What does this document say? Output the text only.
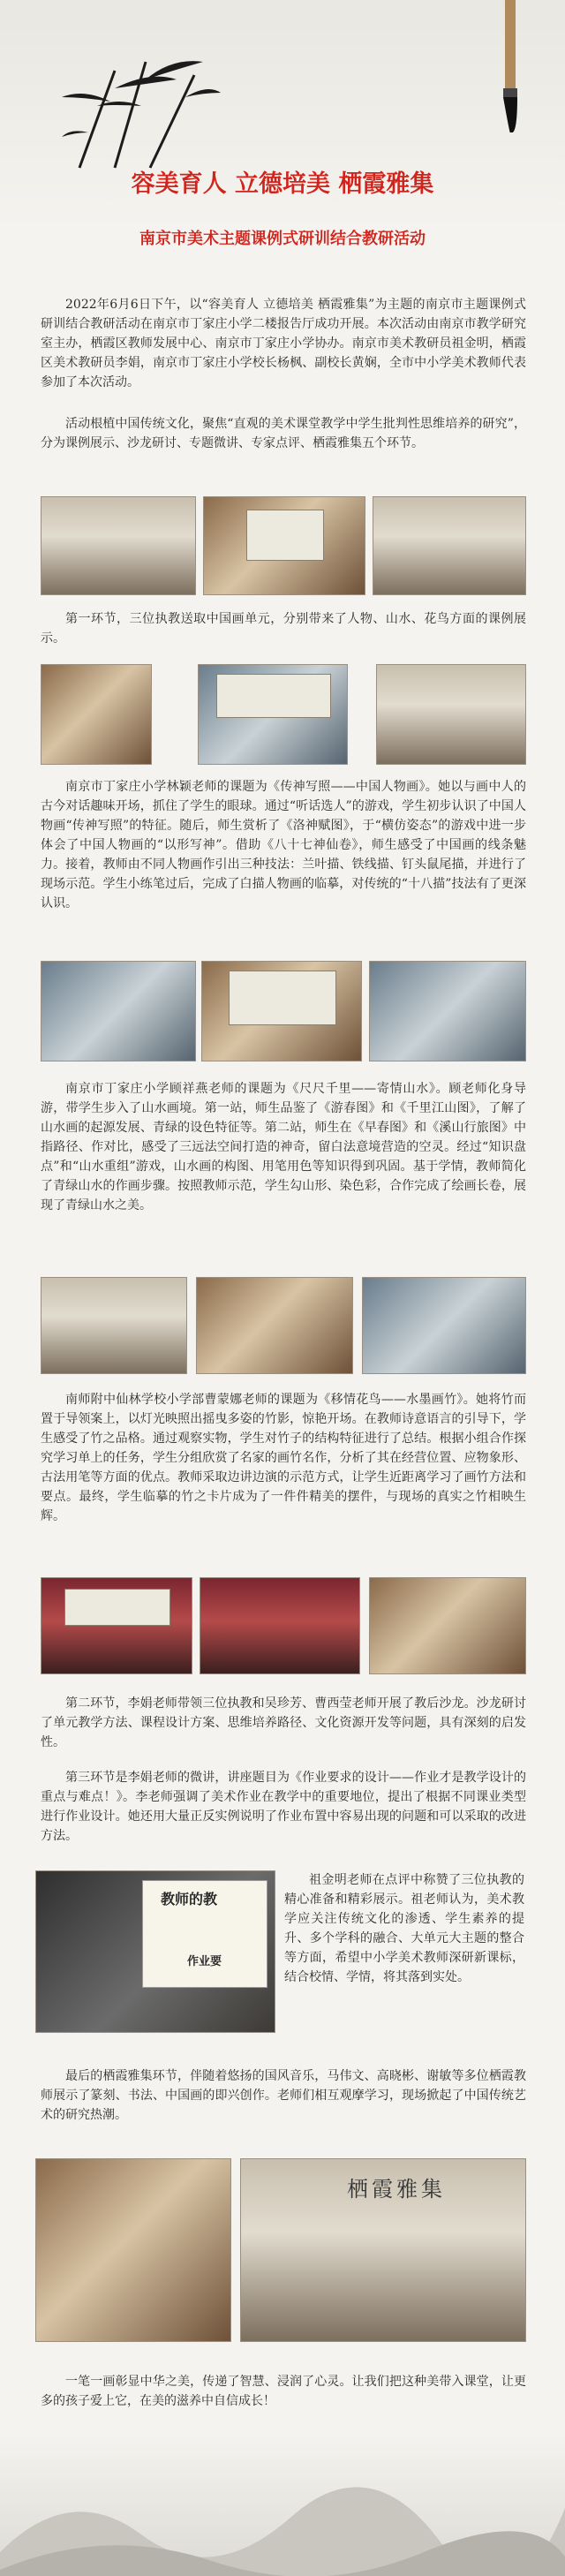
容美育人 立德培美 栖霞雅集
南京市美术主题课例式研训结合教研活动

2022年6月6日下午，以“容美育人 立德培美 栖霞雅集”为主题的南京市主题课例式研训结合教研活动在南京市丁家庄小学二楼报告厅成功开展。本次活动由南京市教学研究室主办，栖霞区教师发展中心、南京市丁家庄小学协办。南京市美术教研员祖金明，栖霞区美术教研员李娟，南京市丁家庄小学校长杨枫、副校长黄娴，全市中小学美术教师代表参加了本次活动。

活动根植中国传统文化，聚焦“直观的美术课堂教学中学生批判性思维培养的研究”，分为课例展示、沙龙研讨、专题微讲、专家点评、栖霞雅集五个环节。

第一环节，三位执教送取中国画单元，分别带来了人物、山水、花鸟方面的课例展示。

南京市丁家庄小学林颖老师的课题为《传神写照——中国人物画》。她以与画中人的古今对话趣味开场，抓住了学生的眼球。通过“听话选人”的游戏，学生初步认识了中国人物画“传神写照”的特征。随后，师生赏析了《洛神赋图》，于“横仿姿态”的游戏中进一步体会了中国人物画的“以形写神”。借助《八十七神仙卷》，师生感受了中国画的线条魅力。接着，教师由不同人物画作引出三种技法：兰叶描、铁线描、钉头鼠尾描，并进行了现场示范。学生小练笔过后，完成了白描人物画的临摹，对传统的“十八描”技法有了更深认识。

南京市丁家庄小学顾祥燕老师的课题为《尺尺千里——寄情山水》。顾老师化身导游，带学生步入了山水画境。第一站，师生品鉴了《游春图》和《千里江山图》，了解了山水画的起源发展、青绿的设色特征等。第二站，师生在《早春图》和《溪山行旅图》中指路径、作对比，感受了三远法空间打造的神奇，留白法意境营造的空灵。经过“知识盘点”和“山水重组”游戏，山水画的构图、用笔用色等知识得到巩固。基于学情，教师简化了青绿山水的作画步骤。按照教师示范，学生勾山形、染色彩，合作完成了绘画长卷，展现了青绿山水之美。

南师附中仙林学校小学部曹蒙娜老师的课题为《移情花鸟——水墨画竹》。她将竹而置于导领案上，以灯光映照出摇曳多姿的竹影，惊艳开场。在教师诗意语言的引导下，学生感受了竹之品格。通过观察实物，学生对竹子的结构特征进行了总结。根据小组合作探究学习单上的任务，学生分组欣赏了名家的画竹名作，分析了其在经营位置、应物象形、古法用笔等方面的优点。教师采取边讲边演的示范方式，让学生近距离学习了画竹方法和要点。最终，学生临摹的竹之卡片成为了一件件精美的摆件，与现场的真实之竹相映生辉。

第二环节，李娟老师带领三位执教和吴珍芳、曹西莹老师开展了教后沙龙。沙龙研讨了单元教学方法、课程设计方案、思维培养路径、文化资源开发等问题，具有深刻的启发性。

第三环节是李娟老师的微讲，讲座题目为《作业要求的设计——作业才是教学设计的重点与难点！》。李老师强调了美术作业在教学中的重要地位，提出了根据不同课业类型进行作业设计。她还用大量正反实例说明了作业布置中容易出现的问题和可以采取的改进方法。

教师的教
作业要

祖金明老师在点评中称赞了三位执教的精心准备和精彩展示。祖老师认为，美术教学应关注传统文化的渗透、学生素养的提升、多个学科的融合、大单元大主题的整合等方面，希望中小学美术教师深研新课标，结合校情、学情，将其落到实处。

最后的栖霞雅集环节，伴随着悠扬的国风音乐，马伟文、高晓彬、谢敏等多位栖霞教师展示了篆刻、书法、中国画的即兴创作。老师们相互观摩学习，现场掀起了中国传统艺术的研究热潮。

栖霞雅集

一笔一画彰显中华之美，传递了智慧、浸润了心灵。让我们把这种美带入课堂，让更多的孩子爱上它，在美的滋养中自信成长！
